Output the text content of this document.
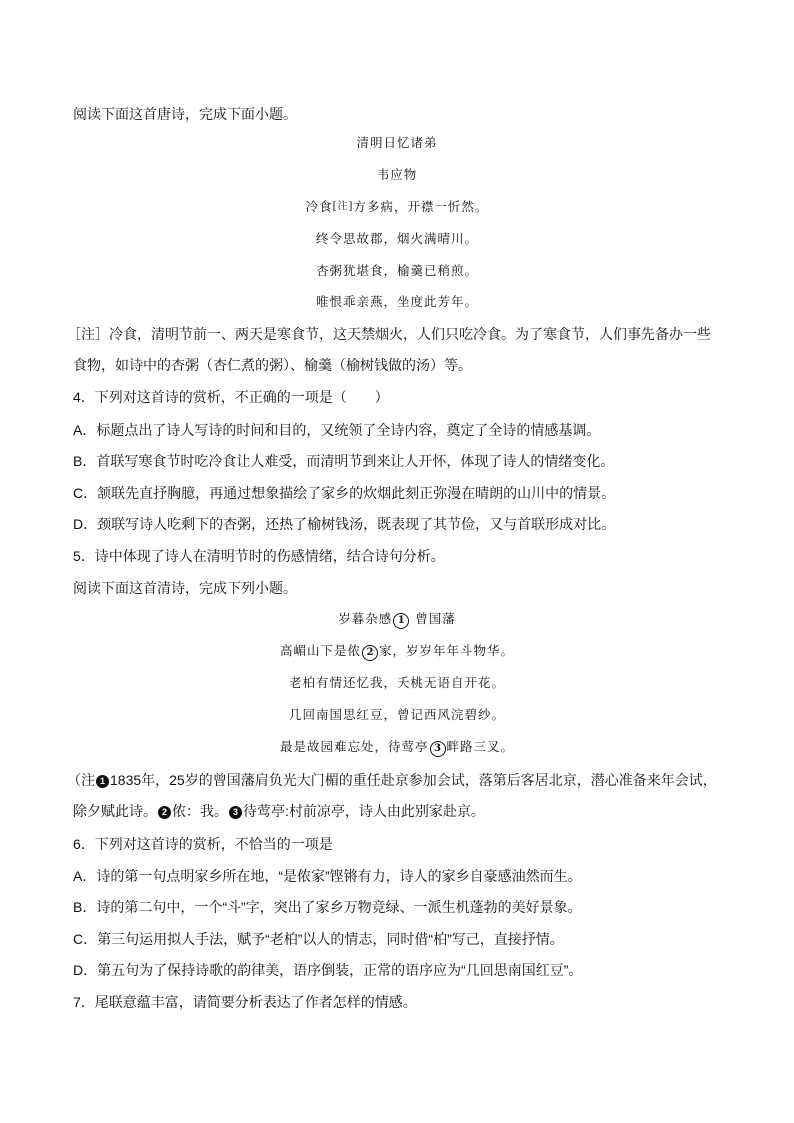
阅读下面这首唐诗，完成下面小题。
清明日忆诸弟
韦应物
冷食[注]方多病，开襟一忻然。
终令思故郡，烟火满晴川。
杏粥犹堪食，榆羹已稍煎。
唯恨乖亲燕，坐度此芳年。
［注］冷食，清明节前一、两天是寒食节，这天禁烟火，人们只吃冷食。为了寒食节，人们事先备办一些
食物，如诗中的杏粥（杏仁煮的粥）、榆羹（榆树钱做的汤）等。
4．下列对这首诗的赏析，不正确的一项是（　　）
A．标题点出了诗人写诗的时间和目的，又统领了全诗内容，奠定了全诗的情感基调。
B．首联写寒食节时吃冷食让人难受，而清明节到来让人开怀，体现了诗人的情绪变化。
C．颔联先直抒胸臆，再通过想象描绘了家乡的炊烟此刻正弥漫在晴朗的山川中的情景。
D．颈联写诗人吃剩下的杏粥，还热了榆树钱汤，既表现了其节俭，又与首联形成对比。
5．诗中体现了诗人在清明节时的伤感情绪，结合诗句分析。
阅读下面这首清诗，完成下列小题。
岁暮杂感 1 曾国藩
高嵋山下是侬 2 家，岁岁年年斗物华。
老柏有情还忆我，夭桃无语自开花。
几回南国思红豆，曾记西风浣碧纱。
最是故园难忘处，待莺亭 3 畔路三叉。
（注 1 1835年，25岁的曾国藩肩负光大门楣的重任赴京参加会试，落第后客居北京，潜心准备来年会试，
除夕赋此诗。 2 侬：我。 3 待莺亭:村前凉亭，诗人由此别家赴京。
6．下列对这首诗的赏析，不恰当的一项是
A．诗的第一句点明家乡所在地，“是侬家”铿锵有力，诗人的家乡自豪感油然而生。
B．诗的第二句中，一个“斗”字，突出了家乡万物竞绿、一派生机蓬勃的美好景象。
C．第三句运用拟人手法，赋予“老柏”以人的情志，同时借“柏”写己，直接抒情。
D．第五句为了保持诗歌的韵律美，语序倒装，正常的语序应为“几回思南国红豆”。
7．尾联意蕴丰富，请简要分析表达了作者怎样的情感。
